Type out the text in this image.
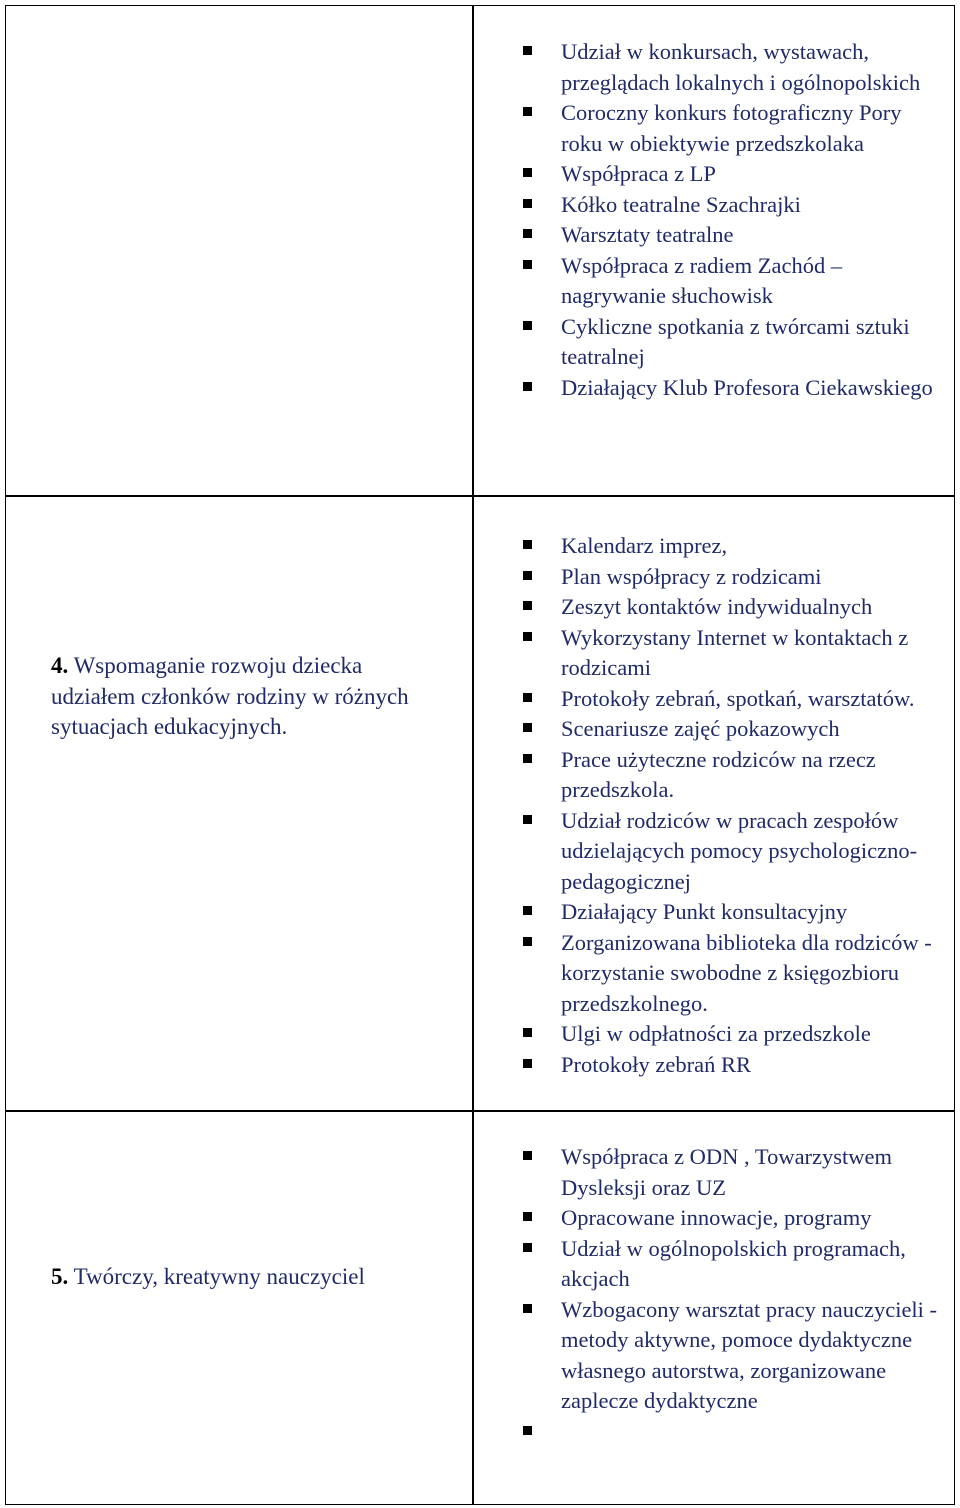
Udział w konkursach, wystawach, przeglądach lokalnych i ogólnopolskich
Coroczny konkurs fotograficzny Pory roku w obiektywie przedszkolaka
Współpraca z LP
Kółko teatralne Szachrajki
Warsztaty teatralne
Współpraca z radiem Zachód – nagrywanie słuchowisk
Cykliczne spotkania z twórcami sztuki teatralnej
Działający Klub Profesora Ciekawskiego
4. Wspomaganie rozwoju dziecka udziałem członków rodziny w różnych sytuacjach edukacyjnych.
Kalendarz imprez,
Plan współpracy z rodzicami
Zeszyt kontaktów indywidualnych
Wykorzystany Internet w kontaktach z rodzicami
Protokoły zebrań, spotkań, warsztatów.
Scenariusze zajęć pokazowych
Prace użyteczne rodziców na rzecz przedszkola.
Udział rodziców w pracach zespołów udzielających pomocy psychologiczno-pedagogicznej
Działający Punkt konsultacyjny
Zorganizowana biblioteka dla rodziców - korzystanie swobodne z księgozbioru przedszkolnego.
Ulgi w odpłatności za przedszkole
Protokoły zebrań RR
5. Twórczy, kreatywny nauczyciel
Współpraca z ODN , Towarzystwem Dysleksji oraz UZ
Opracowane innowacje, programy
Udział w ogólnopolskich programach, akcjach
Wzbogacony warsztat pracy nauczycieli - metody aktywne, pomoce dydaktyczne własnego autorstwa, zorganizowane zaplecze dydaktyczne
